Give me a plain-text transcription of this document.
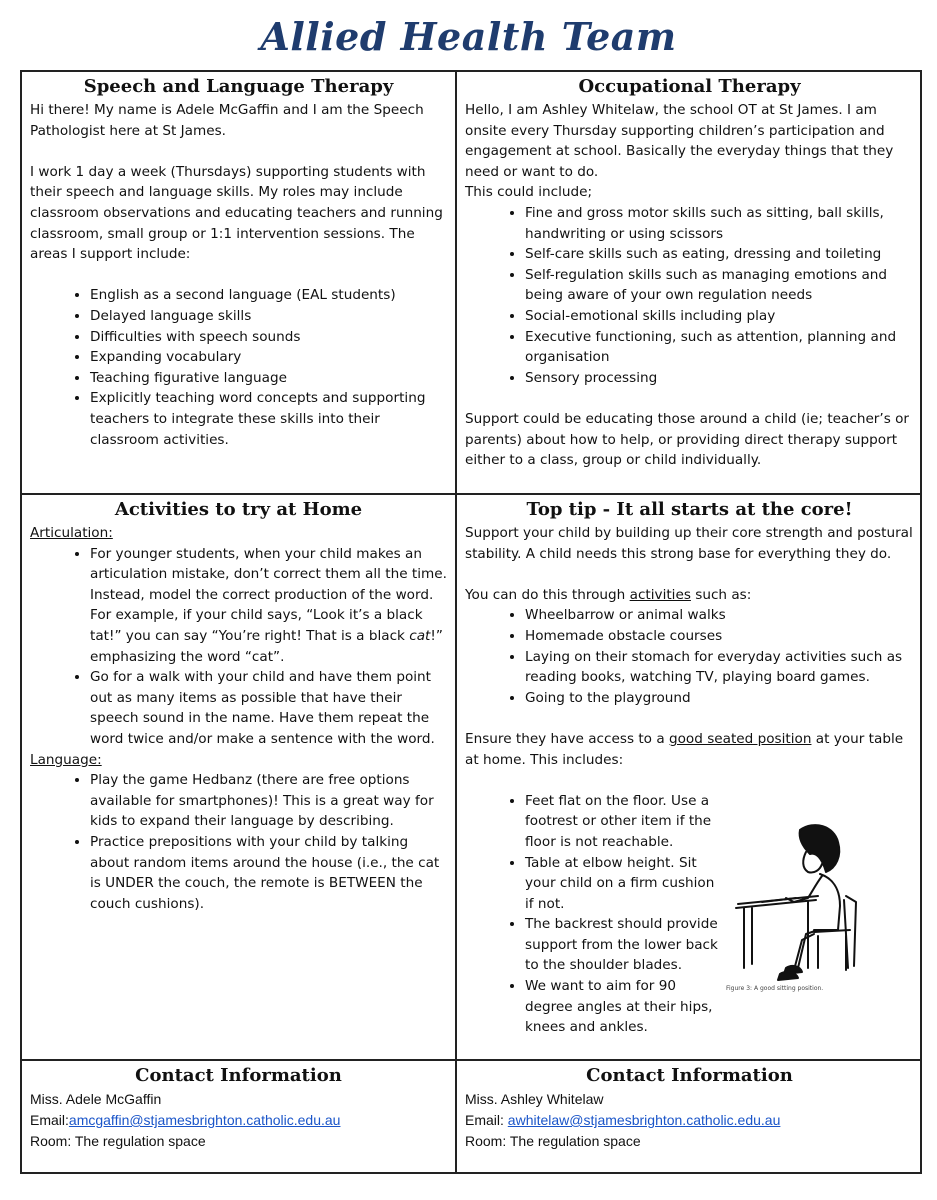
Allied Health Team
Speech and Language Therapy

Hi there! My name is Adele McGaffin and I am the Speech Pathologist here at St James.

I work 1 day a week (Thursdays) supporting students with their speech and language skills. My roles may include classroom observations and educating teachers and running classroom, small group or 1:1 intervention sessions. The areas I support include:

• English as a second language (EAL students)
• Delayed language skills
• Difficulties with speech sounds
• Expanding vocabulary
• Teaching figurative language
• Explicitly teaching word concepts and supporting teachers to integrate these skills into their classroom activities.
Occupational Therapy

Hello, I am Ashley Whitelaw, the school OT at St James. I am onsite every Thursday supporting children’s participation and engagement at school. Basically the everyday things that they need or want to do.

This could include;

• Fine and gross motor skills such as sitting, ball skills, handwriting or using scissors
• Self-care skills such as eating, dressing and toileting
• Self-regulation skills such as managing emotions and being aware of your own regulation needs
• Social-emotional skills including play
• Executive functioning, such as attention, planning and organisation
• Sensory processing

Support could be educating those around a child (ie; teacher’s or parents) about how to help, or providing direct therapy support either to a class, group or child individually.

Activities to try at Home

Articulation:

• For younger students, when your child makes an articulation mistake, don’t correct them all the time. Instead, model the correct production of the word. For example, if your child says, “Look it’s a black tat!” you can say “You’re right! That is a black cat!” emphasizing the word “cat”.
• Go for a walk with your child and have them point out as many items as possible that have their speech sound in the name. Have them repeat the word twice and/or make a sentence with the word.

Language:

• Play the game Hedbanz (there are free options available for smartphones)! This is a great way for kids to expand their language by describing.
• Practice prepositions with your child by talking about random items around the house (i.e., the cat is UNDER the couch, the remote is BETWEEN the couch cushions).
Top tip - It all starts at the core!

Support your child by building up their core strength and postural stability. A child needs this strong base for everything they do.

You can do this through activities such as:

• Wheelbarrow or animal walks
• Homemade obstacle courses
• Laying on their stomach for everyday activities such as reading books, watching TV, playing board games.
• Going to the playground

Ensure they have access to a good seated position at your table at home. This includes:

• Feet flat on the floor. Use a footrest or other item if the floor is not reachable.
• Table at elbow height. Sit your child on a firm cushion if not.
• The backrest should provide support from the lower back to the shoulder blades.
• We want to aim for 90 degree angles at their hips, knees and ankles.
Contact Information

Miss. Adele McGaffin

Email:amcgaffin@stjamesbrighton.catholic.edu.au

Room: The regulation space

Contact Information

Miss. Ashley Whitelaw

Email: awhitelaw@stjamesbrighton.catholic.edu.au

Room: The regulation space

Figure 3: A good sitting position.
